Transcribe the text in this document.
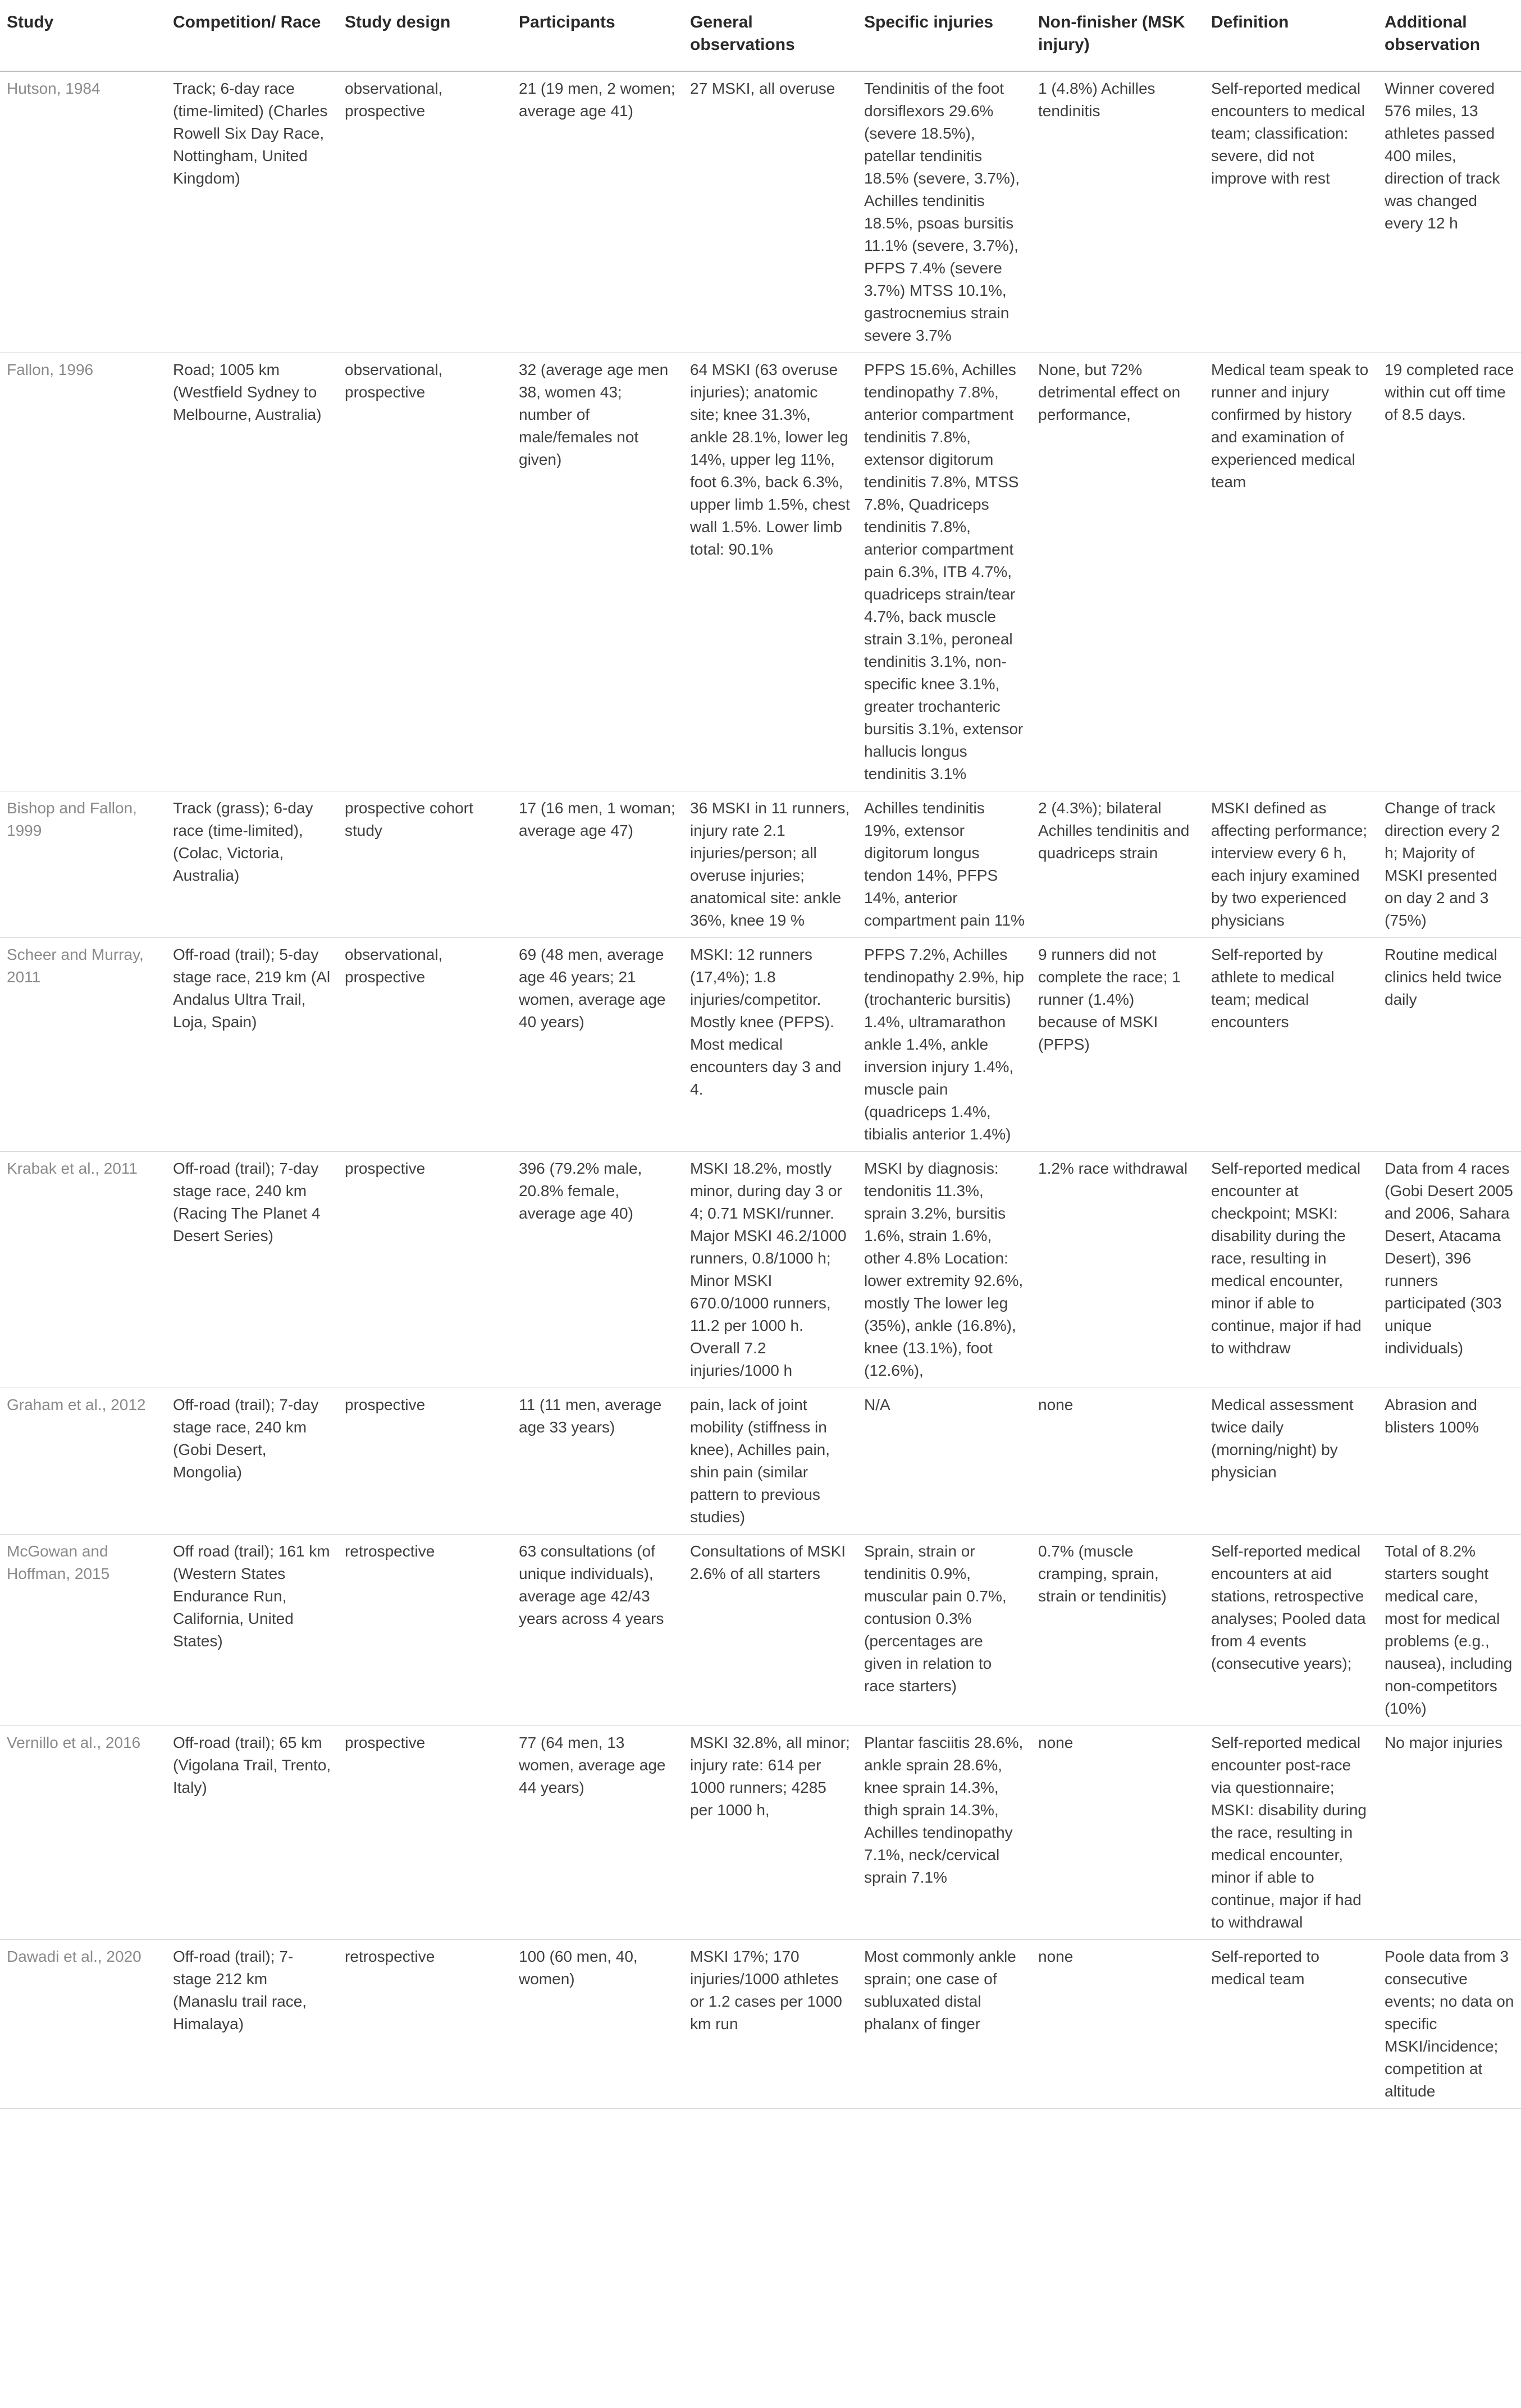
Study	Competition/ Race	Study design	Participants	General observations	Specific injuries	Non-finisher (MSK injury)	Definition	Additional observation
Hutson, 1984	Track; 6-day race (time-limited) (Charles Rowell Six Day Race, Nottingham, United Kingdom)	observational, prospective	21 (19 men, 2 women; average age 41)	27 MSKI, all overuse	Tendinitis of the foot dorsiflexors 29.6% (severe 18.5%), patellar tendinitis 18.5% (severe, 3.7%), Achilles tendinitis 18.5%, psoas bursitis 11.1% (severe, 3.7%), PFPS 7.4% (severe 3.7%) MTSS 10.1%, gastrocnemius strain severe 3.7%	1 (4.8%) Achilles tendinitis	Self-reported medical encounters to medical team; classification: severe, did not improve with rest	Winner covered 576 miles, 13 athletes passed 400 miles, direction of track was changed every 12 h
Fallon, 1996	Road; 1005 km (Westfield Sydney to Melbourne, Australia)	observational, prospective	32 (average age men 38, women 43; number of male/females not given)	64 MSKI (63 overuse injuries); anatomic site; knee 31.3%, ankle 28.1%, lower leg 14%, upper leg 11%, foot 6.3%, back 6.3%, upper limb 1.5%, chest wall 1.5%. Lower limb total: 90.1%	PFPS 15.6%, Achilles tendinopathy 7.8%, anterior compartment tendinitis 7.8%, extensor digitorum tendinitis 7.8%, MTSS 7.8%, Quadriceps tendinitis 7.8%, anterior compartment pain 6.3%, ITB 4.7%, quadriceps strain/tear 4.7%, back muscle strain 3.1%, peroneal tendinitis 3.1%, non-specific knee 3.1%, greater trochanteric bursitis 3.1%, extensor hallucis longus tendinitis 3.1%	None, but 72% detrimental effect on performance,	Medical team speak to runner and injury confirmed by history and examination of experienced medical team	19 completed race within cut off time of 8.5 days.
Bishop and Fallon, 1999	Track (grass); 6-day race (time-limited), (Colac, Victoria, Australia)	prospective cohort study	17 (16 men, 1 woman; average age 47)	36 MSKI in 11 runners, injury rate 2.1 injuries/person; all overuse injuries; anatomical site: ankle 36%, knee 19 %	Achilles tendinitis 19%, extensor digitorum longus tendon 14%, PFPS 14%, anterior compartment pain 11%	2 (4.3%); bilateral Achilles tendinitis and quadriceps strain	MSKI defined as affecting performance; interview every 6 h, each injury examined by two experienced physicians	Change of track direction every 2 h; Majority of MSKI presented on day 2 and 3 (75%)
Scheer and Murray, 2011	Off-road (trail); 5-day stage race, 219 km (Al Andalus Ultra Trail, Loja, Spain)	observational, prospective	69 (48 men, average age 46 years; 21 women, average age 40 years)	MSKI: 12 runners (17,4%); 1.8 injuries/competitor. Mostly knee (PFPS). Most medical encounters day 3 and 4.	PFPS 7.2%, Achilles tendinopathy 2.9%, hip (trochanteric bursitis) 1.4%, ultramarathon ankle 1.4%, ankle inversion injury 1.4%, muscle pain (quadriceps 1.4%, tibialis anterior 1.4%)	9 runners did not complete the race; 1 runner (1.4%) because of MSKI (PFPS)	Self-reported by athlete to medical team; medical encounters	Routine medical clinics held twice daily
Krabak et al., 2011	Off-road (trail); 7-day stage race, 240 km (Racing The Planet 4 Desert Series)	prospective	396 (79.2% male, 20.8% female, average age 40)	MSKI 18.2%, mostly minor, during day 3 or 4; 0.71 MSKI/runner. Major MSKI 46.2/1000 runners, 0.8/1000 h; Minor MSKI 670.0/1000 runners, 11.2 per 1000 h. Overall 7.2 injuries/1000 h	MSKI by diagnosis: tendonitis 11.3%, sprain 3.2%, bursitis 1.6%, strain 1.6%, other 4.8% Location: lower extremity 92.6%, mostly The lower leg (35%), ankle (16.8%), knee (13.1%), foot (12.6%),	1.2% race withdrawal	Self-reported medical encounter at checkpoint; MSKI: disability during the race, resulting in medical encounter, minor if able to continue, major if had to withdraw	Data from 4 races (Gobi Desert 2005 and 2006, Sahara Desert, Atacama Desert), 396 runners participated (303 unique individuals)
Graham et al., 2012	Off-road (trail); 7-day stage race, 240 km (Gobi Desert, Mongolia)	prospective	11 (11 men, average age 33 years)	pain, lack of joint mobility (stiffness in knee), Achilles pain, shin pain (similar pattern to previous studies)	N/A	none	Medical assessment twice daily (morning/night) by physician	Abrasion and blisters 100%
McGowan and Hoffman, 2015	Off road (trail); 161 km (Western States Endurance Run, California, United States)	retrospective	63 consultations (of unique individuals), average age 42/43 years across 4 years	Consultations of MSKI 2.6% of all starters	Sprain, strain or tendinitis 0.9%, muscular pain 0.7%, contusion 0.3% (percentages are given in relation to race starters)	0.7% (muscle cramping, sprain, strain or tendinitis)	Self-reported medical encounters at aid stations, retrospective analyses; Pooled data from 4 events (consecutive years);	Total of 8.2% starters sought medical care, most for medical problems (e.g., nausea), including non-competitors (10%)
Vernillo et al., 2016	Off-road (trail); 65 km (Vigolana Trail, Trento, Italy)	prospective	77 (64 men, 13 women, average age 44 years)	MSKI 32.8%, all minor; injury rate: 614 per 1000 runners; 4285 per 1000 h,	Plantar fasciitis 28.6%, ankle sprain 28.6%, knee sprain 14.3%, thigh sprain 14.3%, Achilles tendinopathy 7.1%, neck/cervical sprain 7.1%	none	Self-reported medical encounter post-race via questionnaire; MSKI: disability during the race, resulting in medical encounter, minor if able to continue, major if had to withdrawal	No major injuries
Dawadi et al., 2020	Off-road (trail); 7-stage 212 km (Manaslu trail race, Himalaya)	retrospective	100 (60 men, 40, women)	MSKI 17%; 170 injuries/1000 athletes or 1.2 cases per 1000 km run	Most commonly ankle sprain; one case of subluxated distal phalanx of finger	none	Self-reported to medical team	Poole data from 3 consecutive events; no data on specific MSKI/incidence; competition at altitude
